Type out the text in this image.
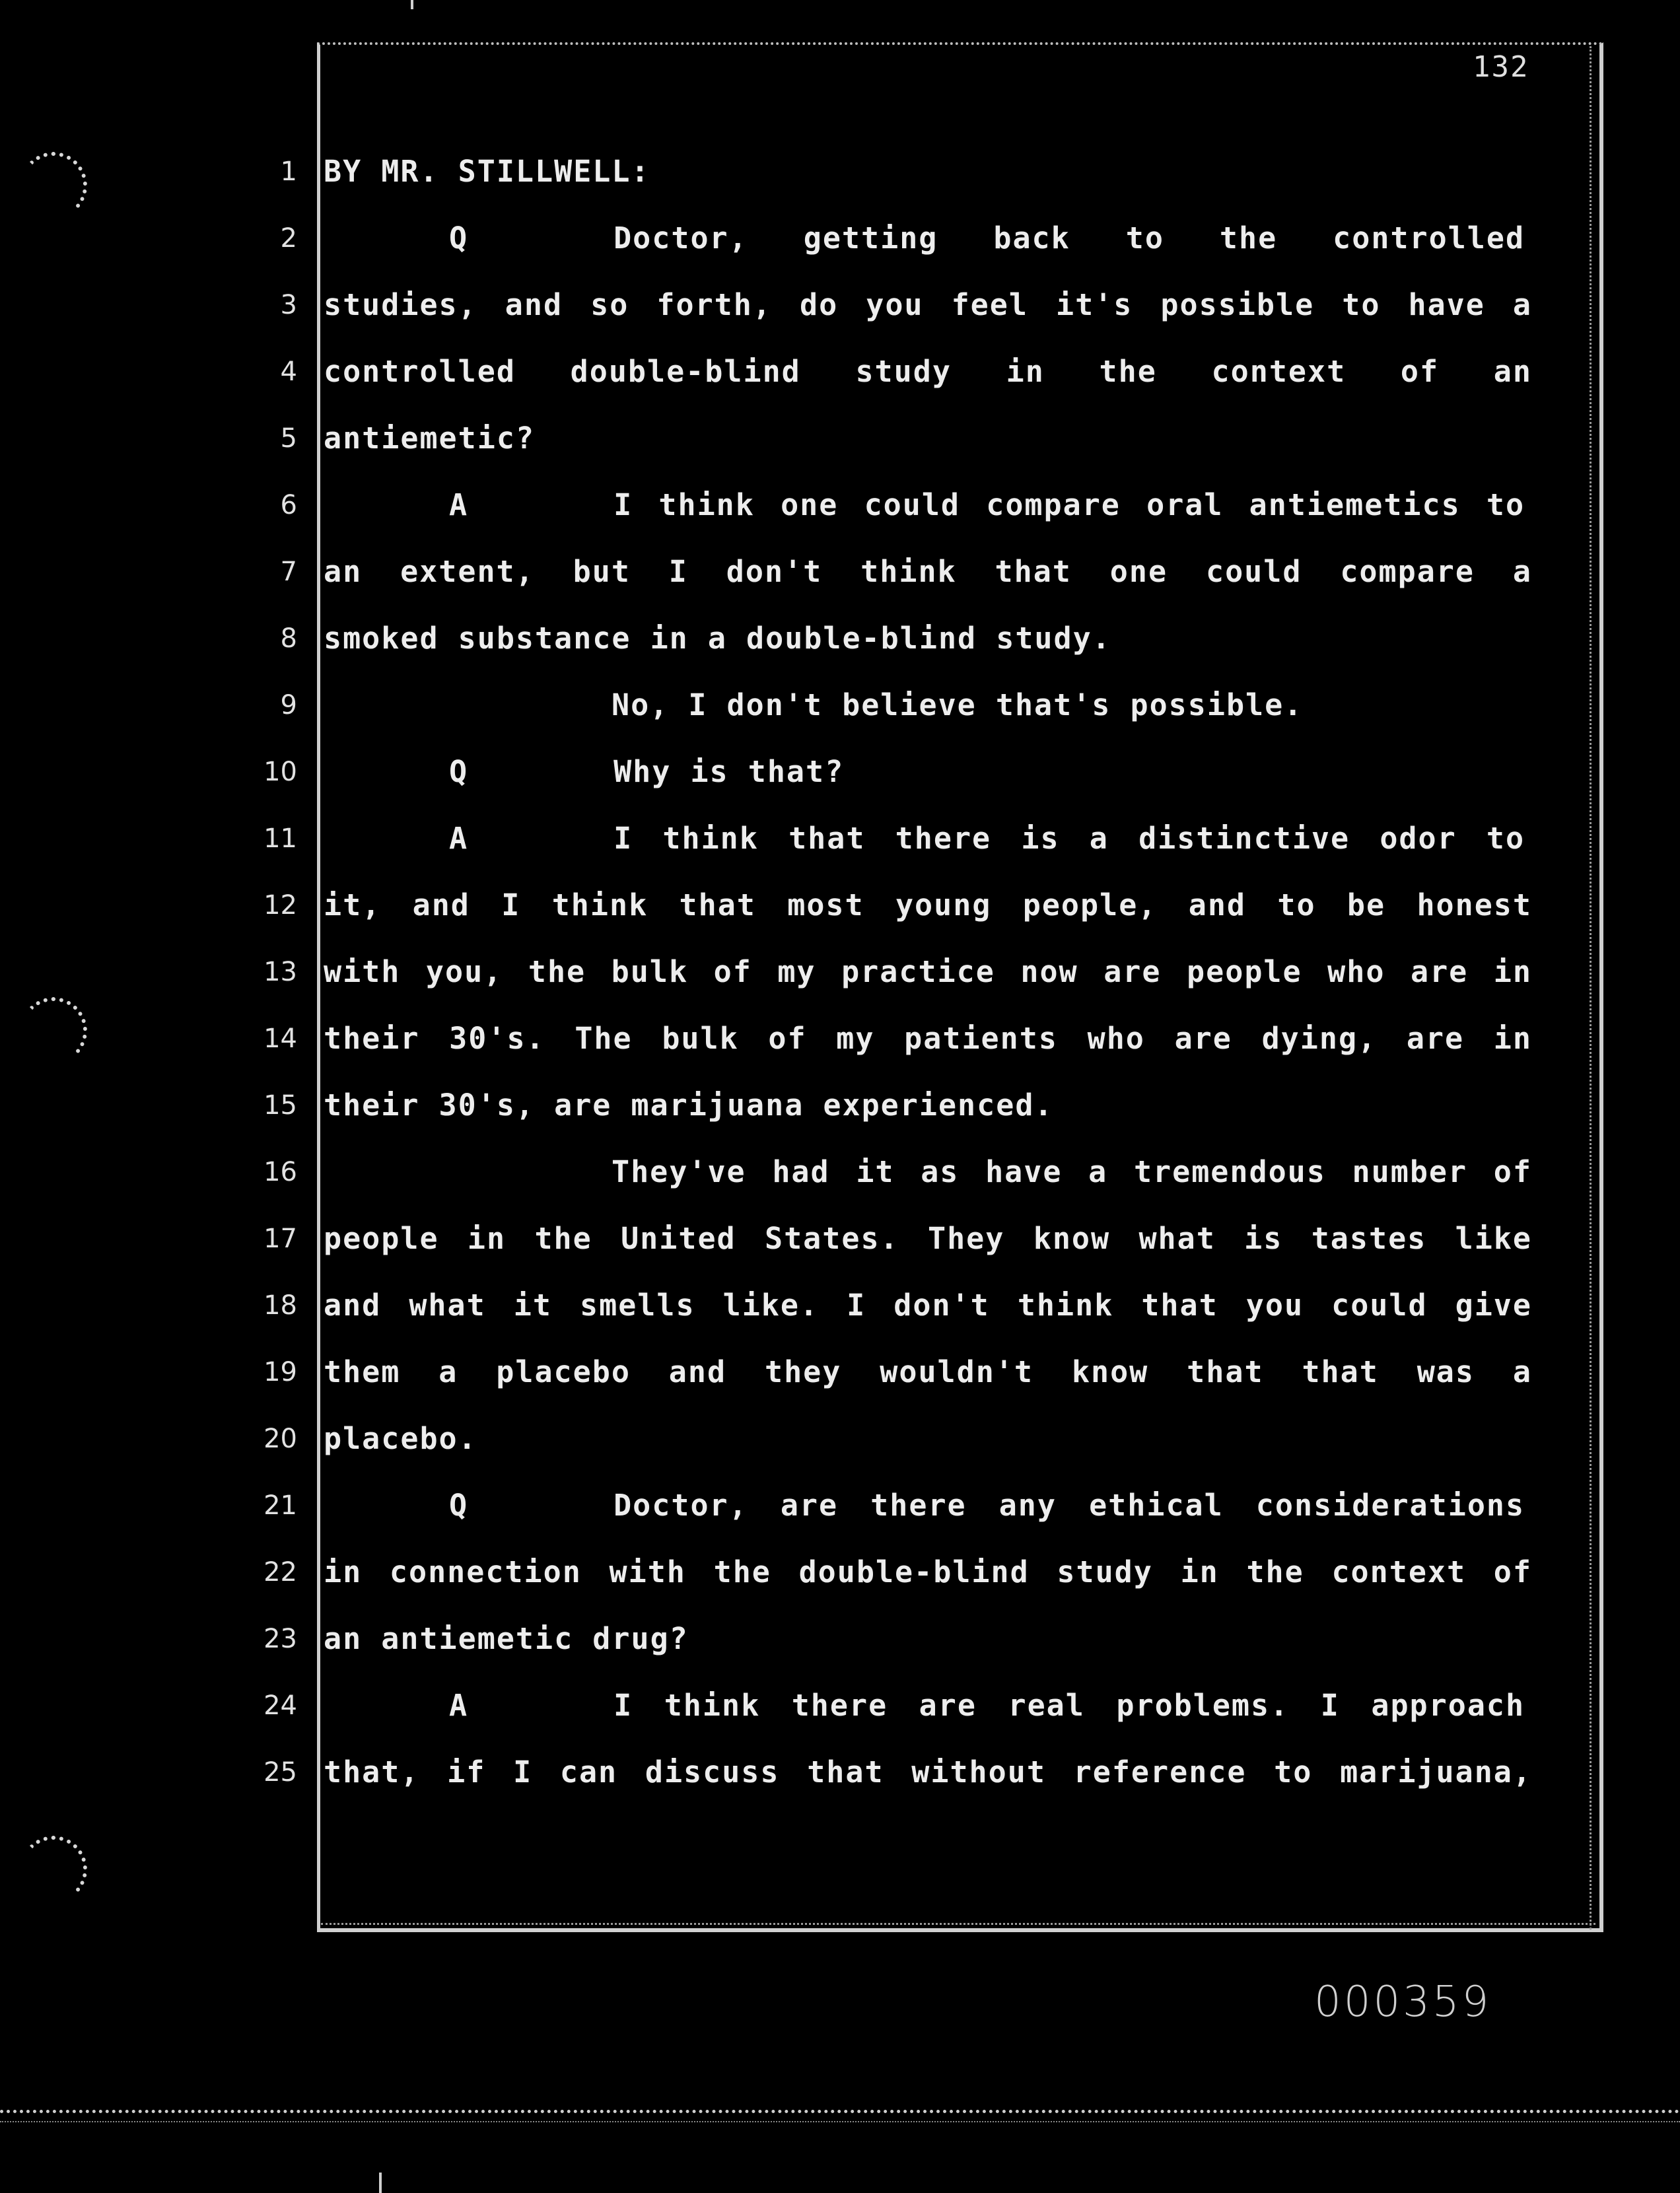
132
1
2
3
4
5
6
7
8
9
10
11
12
13
14
15
16
17
18
19
20
21
22
23
24
25
BY MR. STILLWELL:
Q	Doctor, getting back to the controlled
studies, and so forth, do you feel it's possible to have a
controlled double-blind study in the context of an
antiemetic?
A	I think one could compare oral antiemetics to
an extent, but I don't think that one could compare a
smoked substance in a double-blind study.
No, I don't believe that's possible.
Q	Why is that?
A	I think that there is a distinctive odor to
it, and I think that most young people, and to be honest
with you, the bulk of my practice now are people who are in
their 30's. The bulk of my patients who are dying, are in
their 30's, are marijuana experienced.
They've had it as have a tremendous number of
people in the United States. They know what is tastes like
and what it smells like. I don't think that you could give
them a placebo and they wouldn't know that that was a
placebo.
Q	Doctor, are there any ethical considerations
in connection with the double-blind study in the context of
an antiemetic drug?
A	I think there are real problems. I approach
that, if I can discuss that without reference to marijuana,
000359
